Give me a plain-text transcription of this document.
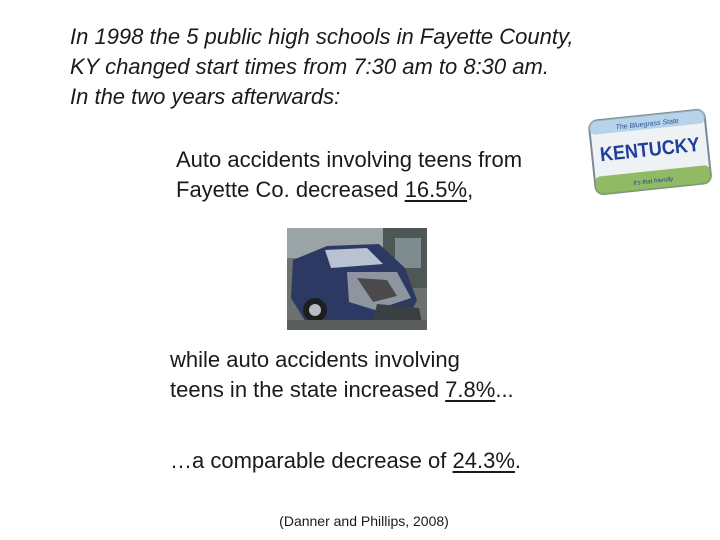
In 1998 the 5 public high schools in Fayette County,
KY changed start times from 7:30 am to 8:30 am.
In the two years afterwards:
The Bluegrass State
KENTUCKY
It's that friendly
Auto accidents involving teens from
Fayette Co. decreased 16.5%,
while auto accidents involving
teens in the state increased 7.8%...
…a comparable decrease of 24.3%.
(Danner and Phillips, 2008)
